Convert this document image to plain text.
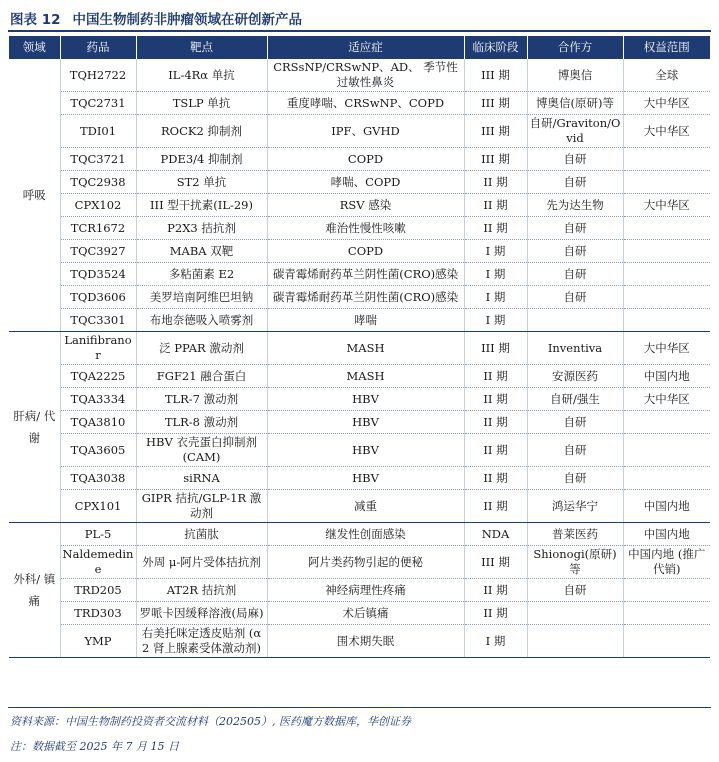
图表 12 中国生物制药非肿瘤领域在研创新产品
领域	药品	靶点	适应症	临床阶段	合作方	权益范围
呼吸	TQH2722	IL-4Rα 单抗	CRSsNP/CRSwNP、AD、 季节性过敏性鼻炎	III 期	博奥信	全球
	TQC2731	TSLP 单抗	重度哮喘、CRSwNP、COPD	III 期	博奥信(原研)等	大中华区
	TDI01	ROCK2 抑制剂	IPF、GVHD	III 期	自研/Graviton/Ovid	大中华区
	TQC3721	PDE3/4 抑制剂	COPD	III 期	自研	
	TQC2938	ST2 单抗	哮喘、COPD	II 期	自研	
	CPX102	III 型干扰素(IL-29)	RSV 感染	II 期	先为达生物	大中华区
	TCR1672	P2X3 拮抗剂	难治性慢性咳嗽	II 期	自研	
	TQC3927	MABA 双靶	COPD	I 期	自研	
	TQD3524	多粘菌素 E2	碳青霉烯耐药革兰阴性菌(CRO)感染	I 期	自研	
	TQD3606	美罗培南阿维巴坦钠	碳青霉烯耐药革兰阴性菌(CRO)感染	I 期	自研	
	TQC3301	布地奈德吸入喷雾剂	哮喘	I 期		
肝病/ 代谢	Lanifibranor	泛 PPAR 激动剂	MASH	III 期	Inventiva	大中华区
	TQA2225	FGF21 融合蛋白	MASH	II 期	安源医药	中国内地
	TQA3334	TLR-7 激动剂	HBV	II 期	自研/强生	大中华区
	TQA3810	TLR-8 激动剂	HBV	II 期	自研	
	TQA3605	HBV 衣壳蛋白抑制剂 (CAM)	HBV	II 期	自研	
	TQA3038	siRNA	HBV	II 期	自研	
	CPX101	GIPR 拮抗/GLP-1R 激动剂	减重	II 期	鸿运华宁	中国内地
外科/ 镇痛	PL-5	抗菌肽	继发性创面感染	NDA	普莱医药	中国内地
	Naldemedine	外周 μ-阿片受体拮抗剂	阿片类药物引起的便秘	III 期	Shionogi(原研)等	中国内地 (推广代销)
	TRD205	AT2R 拮抗剂	神经病理性疼痛	II 期	自研	
	TRD303	罗哌卡因缓释溶液(局麻)	术后镇痛	II 期		
	YMP	右美托咪定透皮贴剂 (α2 肾上腺素受体激动剂)	围术期失眠	I 期		
资料来源：中国生物制药投资者交流材料（202505）, 医药魔方数据库，华创证券
注：数据截至 2025 年 7 月 15 日
